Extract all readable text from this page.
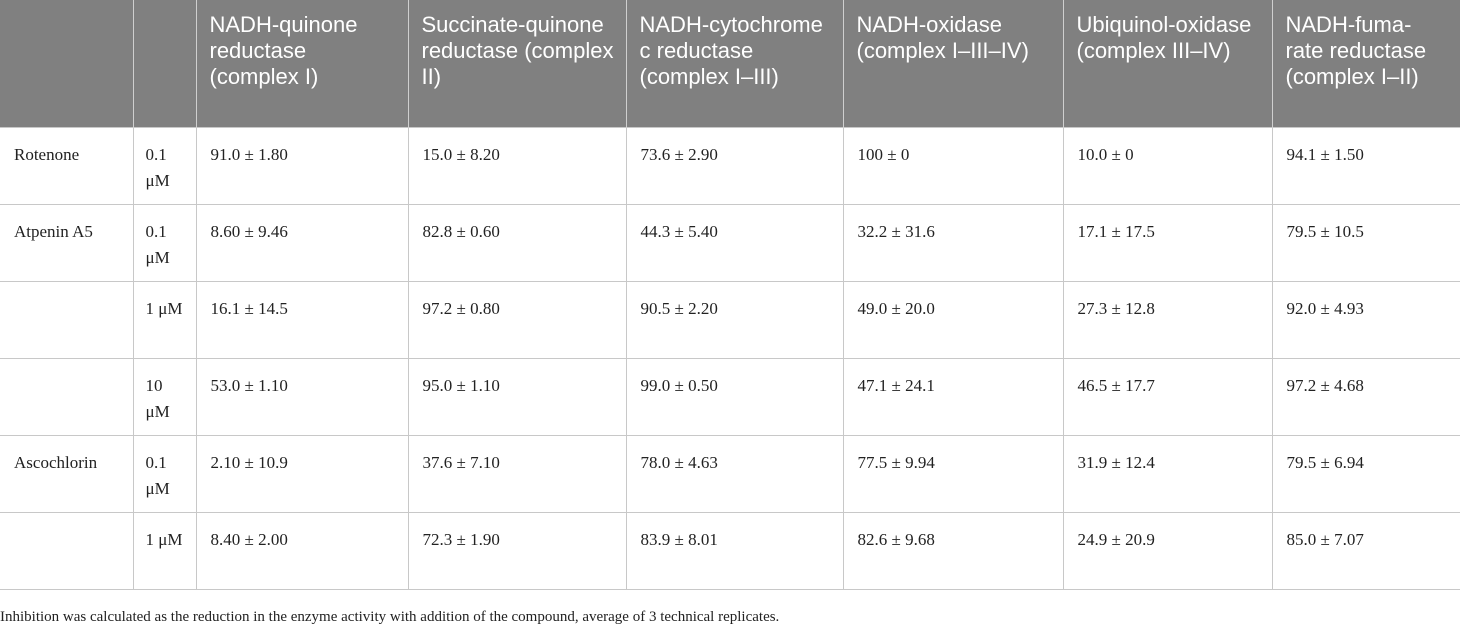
		NADH-quinone reductase (complex I)	Succinate-quinone reductase (complex II)	NADH-cytochrome c reductase (complex I–III)	NADH-oxidase (complex I–III–IV)	Ubiquinol-oxidase (complex III–IV)	NADH-fuma-rate reductase (complex I–II)
Rotenone	0.1 μM	91.0 ± 1.80	15.0 ± 8.20	73.6 ± 2.90	100 ± 0	10.0 ± 0	94.1 ± 1.50
Atpenin A5	0.1 μM	8.60 ± 9.46	82.8 ± 0.60	44.3 ± 5.40	32.2 ± 31.6	17.1 ± 17.5	79.5 ± 10.5
	1 μM	16.1 ± 14.5	97.2 ± 0.80	90.5 ± 2.20	49.0 ± 20.0	27.3 ± 12.8	92.0 ± 4.93
	10 μM	53.0 ± 1.10	95.0 ± 1.10	99.0 ± 0.50	47.1 ± 24.1	46.5 ± 17.7	97.2 ± 4.68
Ascochlorin	0.1 μM	2.10 ± 10.9	37.6 ± 7.10	78.0 ± 4.63	77.5 ± 9.94	31.9 ± 12.4	79.5 ± 6.94
	1 μM	8.40 ± 2.00	72.3 ± 1.90	83.9 ± 8.01	82.6 ± 9.68	24.9 ± 20.9	85.0 ± 7.07
Inhibition was calculated as the reduction in the enzyme activity with addition of the compound, average of 3 technical replicates.
